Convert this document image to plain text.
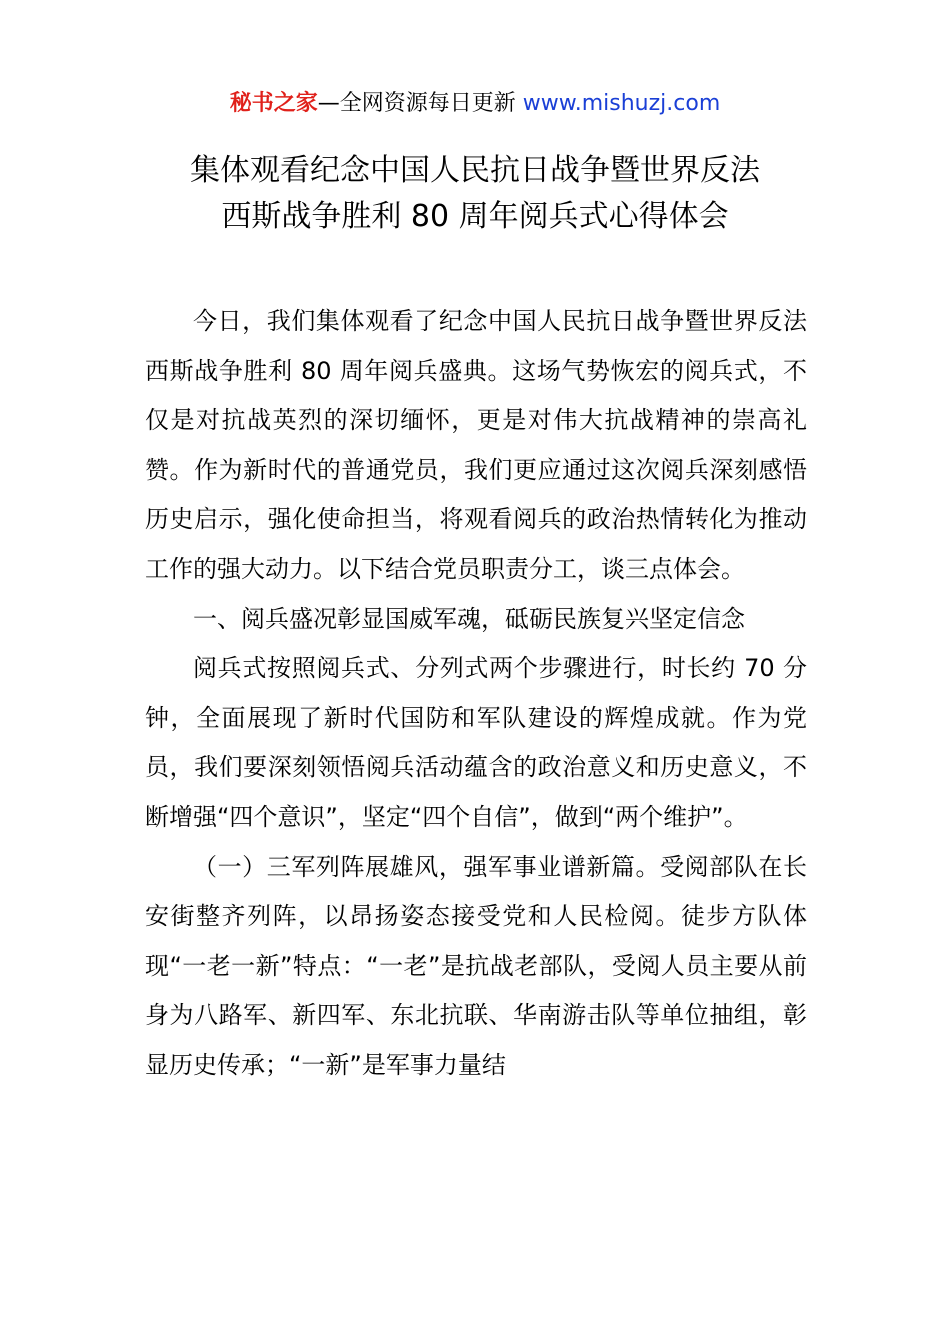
秘书之家—全网资源每日更新 www.mishuzj.com
集体观看纪念中国人民抗日战争暨世界反法
西斯战争胜利 80 周年阅兵式心得体会

今日，我们集体观看了纪念中国人民抗日战争暨世界反法西斯战争胜利 80 周年阅兵盛典。这场气势恢宏的阅兵式，不仅是对抗战英烈的深切缅怀，更是对伟大抗战精神的崇高礼赞。作为新时代的普通党员，我们更应通过这次阅兵深刻感悟历史启示，强化使命担当，将观看阅兵的政治热情转化为推动工作的强大动力。以下结合党员职责分工，谈三点体会。

一、阅兵盛况彰显国威军魂，砥砺民族复兴坚定信念

阅兵式按照阅兵式、分列式两个步骤进行，时长约 70 分钟，全面展现了新时代国防和军队建设的辉煌成就。作为党员，我们要深刻领悟阅兵活动蕴含的政治意义和历史意义，不断增强“四个意识”，坚定“四个自信”，做到“两个维护”。

（一）三军列阵展雄风，强军事业谱新篇。受阅部队在长安街整齐列阵，以昂扬姿态接受党和人民检阅。徒步方队体现“一老一新”特点：“一老”是抗战老部队，受阅人员主要从前身为八路军、新四军、东北抗联、华南游击队等单位抽组，彰显历史传承；“一新”是军事力量结
